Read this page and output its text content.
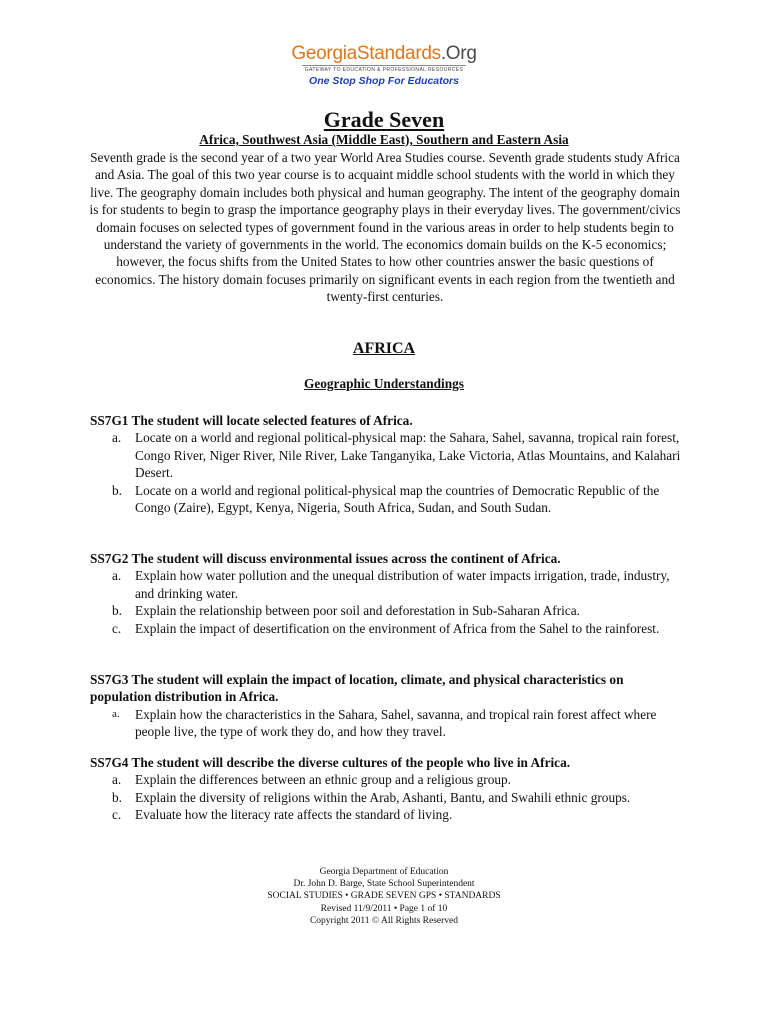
GeorgiaStandards.Org
GATEWAY TO EDUCATION & PROFESSIONAL RESOURCES
One Stop Shop For Educators
Grade Seven
Africa, Southwest Asia (Middle East), Southern and Eastern Asia
Seventh grade is the second year of a two year World Area Studies course. Seventh grade students study Africa and Asia. The goal of this two year course is to acquaint middle school students with the world in which they live. The geography domain includes both physical and human geography. The intent of the geography domain is for students to begin to grasp the importance geography plays in their everyday lives. The government/civics domain focuses on selected types of government found in the various areas in order to help students begin to understand the variety of governments in the world. The economics domain builds on the K-5 economics; however, the focus shifts from the United States to how other countries answer the basic questions of economics. The history domain focuses primarily on significant events in each region from the twentieth and twenty-first centuries.
AFRICA
Geographic Understandings
SS7G1 The student will locate selected features of Africa.
a. Locate on a world and regional political-physical map: the Sahara, Sahel, savanna, tropical rain forest, Congo River, Niger River, Nile River, Lake Tanganyika, Lake Victoria, Atlas Mountains, and Kalahari Desert.
b. Locate on a world and regional political-physical map the countries of Democratic Republic of the Congo (Zaire), Egypt, Kenya, Nigeria, South Africa, Sudan, and South Sudan.
SS7G2 The student will discuss environmental issues across the continent of Africa.
a. Explain how water pollution and the unequal distribution of water impacts irrigation, trade, industry, and drinking water.
b. Explain the relationship between poor soil and deforestation in Sub-Saharan Africa.
c. Explain the impact of desertification on the environment of Africa from the Sahel to the rainforest.
SS7G3 The student will explain the impact of location, climate, and physical characteristics on population distribution in Africa.
a. Explain how the characteristics in the Sahara, Sahel, savanna, and tropical rain forest affect where people live, the type of work they do, and how they travel.
SS7G4 The student will describe the diverse cultures of the people who live in Africa.
a. Explain the differences between an ethnic group and a religious group.
b. Explain the diversity of religions within the Arab, Ashanti, Bantu, and Swahili ethnic groups.
c. Evaluate how the literacy rate affects the standard of living.
Georgia Department of Education
Dr. John D. Barge, State School Superintendent
SOCIAL STUDIES • GRADE SEVEN GPS • STANDARDS
Revised 11/9/2011 • Page 1 of 10
Copyright 2011 © All Rights Reserved
